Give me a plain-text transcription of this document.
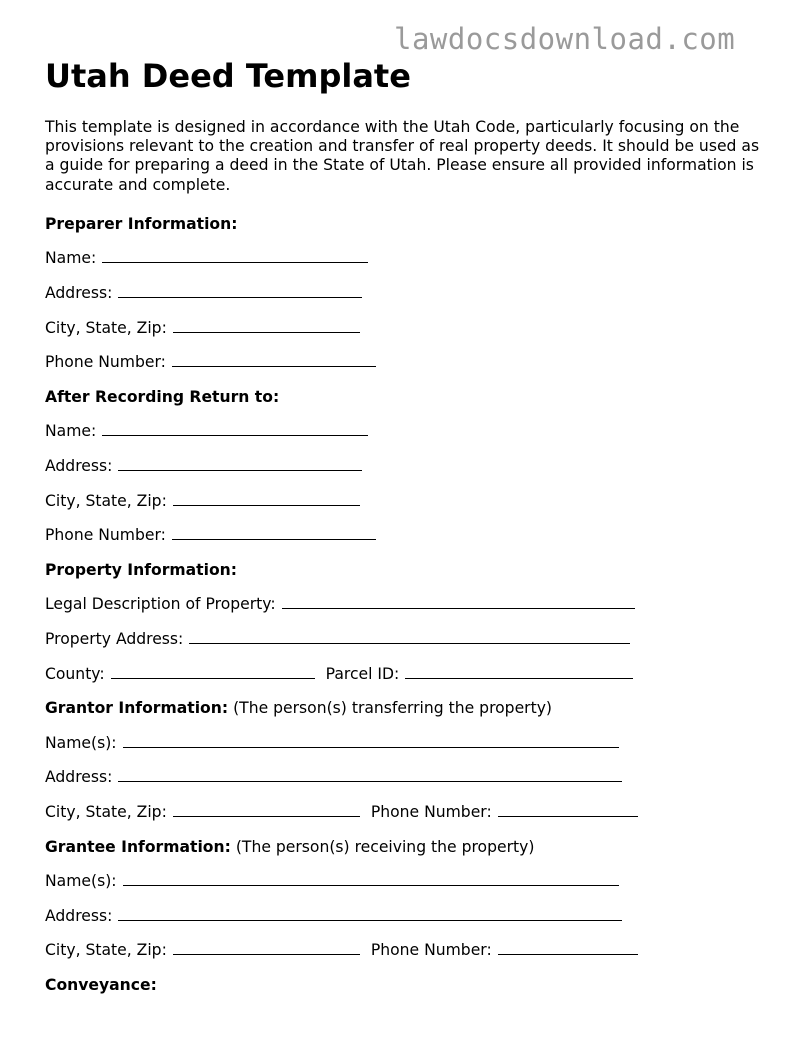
lawdocsdownload.com
Utah Deed Template

This template is designed in accordance with the Utah Code, particularly focusing on the provisions relevant to the creation and transfer of real property deeds. It should be used as a guide for preparing a deed in the State of Utah. Please ensure all provided information is accurate and complete.

Preparer Information:
Name:
Address:
City, State, Zip:
Phone Number:
After Recording Return to:
Name:
Address:
City, State, Zip:
Phone Number:
Property Information:
Legal Description of Property:
Property Address:
County:	Parcel ID:
Grantor Information: (The person(s) transferring the property)
Name(s):
Address:
City, State, Zip:	Phone Number:
Grantee Information: (The person(s) receiving the property)
Name(s):
Address:
City, State, Zip:	Phone Number:
Conveyance:
